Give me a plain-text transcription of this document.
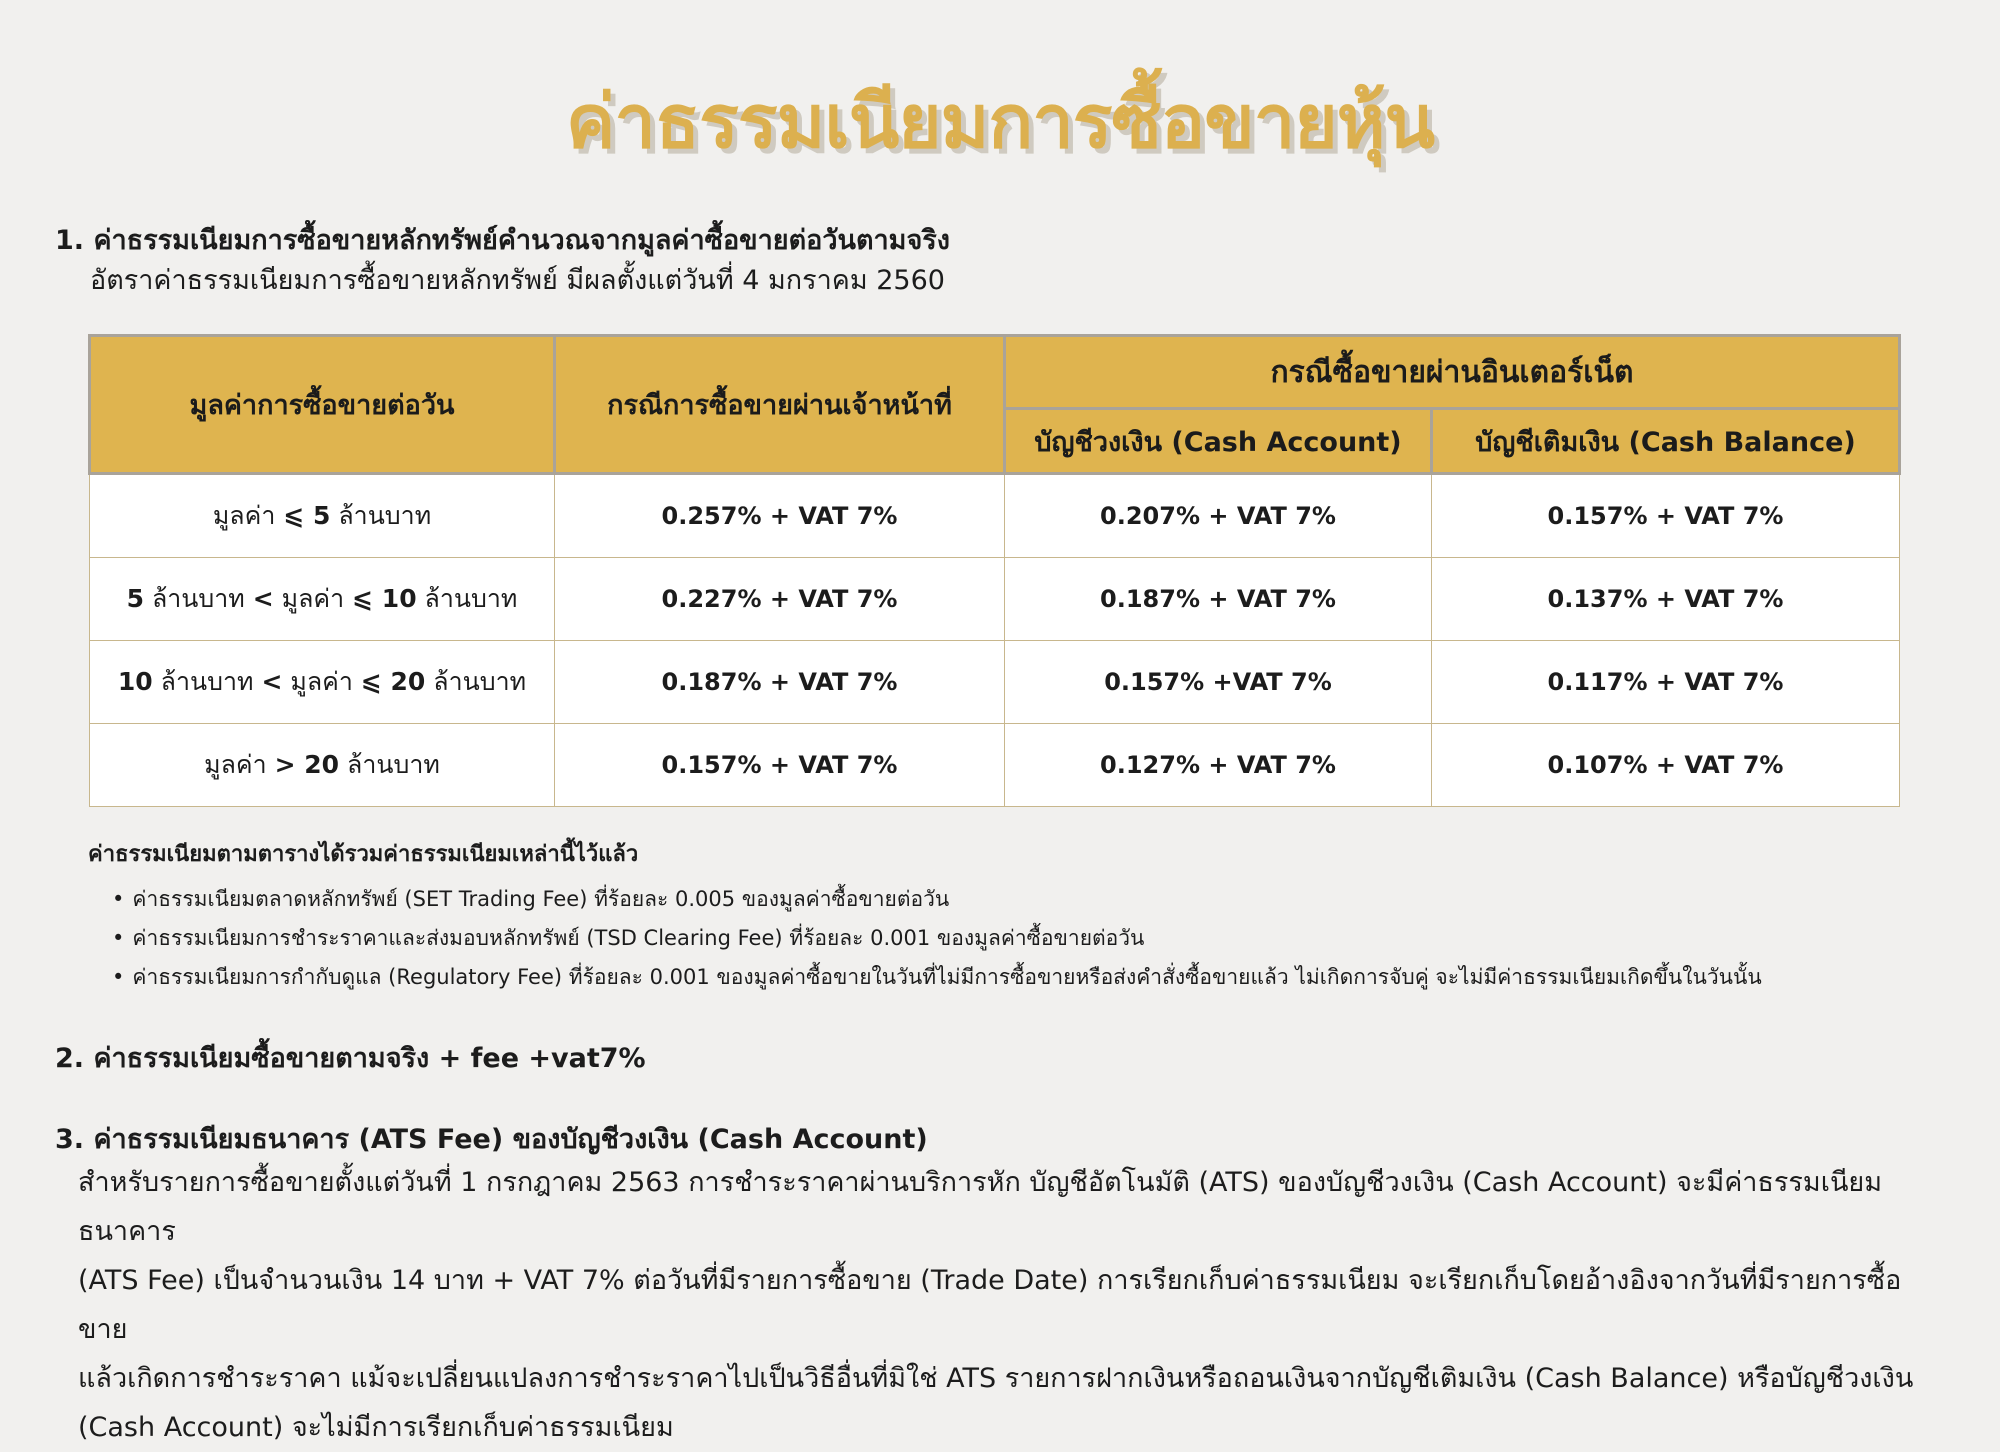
ค่าธรรมเนียมการซื้อขายหุ้น
1. ค่าธรรมเนียมการซื้อขายหลักทรัพย์คำนวณจากมูลค่าซื้อขายต่อวันตามจริง
อัตราค่าธรรมเนียมการซื้อขายหลักทรัพย์ มีผลตั้งแต่วันที่ 4 มกราคม 2560
มูลค่าการซื้อขายต่อวัน	กรณีการซื้อขายผ่านเจ้าหน้าที่	กรณีซื้อขายผ่านอินเตอร์เน็ต	
		บัญชีวงเงิน (Cash Account)	บัญชีเติมเงิน (Cash Balance)
มูลค่า ⩽ 5 ล้านบาท	0.257% + VAT 7%	0.207% + VAT 7%	0.157% + VAT 7%
5 ล้านบาท < มูลค่า ⩽ 10 ล้านบาท	0.227% + VAT 7%	0.187% + VAT 7%	0.137% + VAT 7%
10 ล้านบาท < มูลค่า ⩽ 20 ล้านบาท	0.187% + VAT 7%	0.157% +VAT 7%	0.117% + VAT 7%
มูลค่า > 20 ล้านบาท	0.157% + VAT 7%	0.127% + VAT 7%	0.107% + VAT 7%
ค่าธรรมเนียมตามตารางได้รวมค่าธรรมเนียมเหล่านี้ไว้แล้ว
• ค่าธรรมเนียมตลาดหลักทรัพย์ (SET Trading Fee) ที่ร้อยละ 0.005 ของมูลค่าซื้อขายต่อวัน
• ค่าธรรมเนียมการชำระราคาและส่งมอบหลักทรัพย์ (TSD Clearing Fee) ที่ร้อยละ 0.001 ของมูลค่าซื้อขายต่อวัน
• ค่าธรรมเนียมการกำกับดูแล (Regulatory Fee) ที่ร้อยละ 0.001 ของมูลค่าซื้อขายในวันที่ไม่มีการซื้อขายหรือส่งคำสั่งซื้อขายแล้ว ไม่เกิดการจับคู่ จะไม่มีค่าธรรมเนียมเกิดขึ้นในวันนั้น
2. ค่าธรรมเนียมซื้อขายตามจริง + fee +vat7%
3. ค่าธรรมเนียมธนาคาร (ATS Fee) ของบัญชีวงเงิน (Cash Account)
สำหรับรายการซื้อขายตั้งแต่วันที่ 1 กรกฎาคม 2563 การชำระราคาผ่านบริการหัก บัญชีอัตโนมัติ (ATS) ของบัญชีวงเงิน (Cash Account) จะมีค่าธรรมเนียมธนาคาร
(ATS Fee) เป็นจำนวนเงิน 14 บาท + VAT 7% ต่อวันที่มีรายการซื้อขาย (Trade Date) การเรียกเก็บค่าธรรมเนียม จะเรียกเก็บโดยอ้างอิงจากวันที่มีรายการซื้อขาย
แล้วเกิดการชำระราคา แม้จะเปลี่ยนแปลงการชำระราคาไปเป็นวิธีอื่นที่มิใช่ ATS รายการฝากเงินหรือถอนเงินจากบัญชีเติมเงิน (Cash Balance) หรือบัญชีวงเงิน
(Cash Account) จะไม่มีการเรียกเก็บค่าธรรมเนียม
